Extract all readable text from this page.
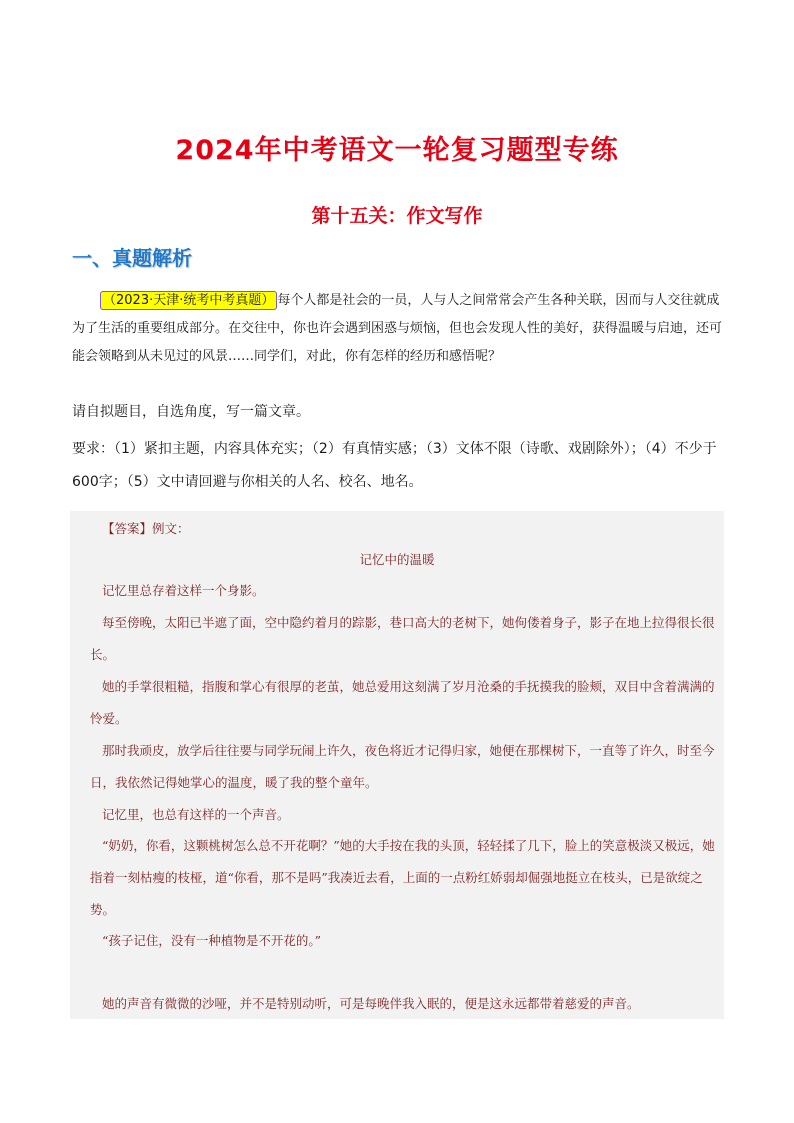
2024年中考语文一轮复习题型专练
第十五关：作文写作
一、真题解析

（2023·天津·统考中考真题） 每个人都是社会的一员，人与人之间常常会产生各种关联，因而与人交往就成为了生活的重要组成部分。在交往中，你也许会遇到困惑与烦恼，但也会发现人性的美好，获得温暖与启迪，还可能会领略到从未见过的风景……同学们，对此，你有怎样的经历和感悟呢？

请自拟题目，自选角度，写一篇文章。

要求：（1）紧扣主题，内容具体充实；（2）有真情实感；（3）文体不限（诗歌、戏剧除外）；（4）不少于600字；（5）文中请回避与你相关的人名、校名、地名。

【答案】例文：

记忆中的温暖

记忆里总存着这样一个身影。

每至傍晚，太阳已半遮了面，空中隐约着月的踪影，巷口高大的老树下，她佝偻着身子，影子在地上拉得很长很长。

她的手掌很粗糙，指腹和掌心有很厚的老茧，她总爱用这刻满了岁月沧桑的手抚摸我的脸颊，双目中含着满满的怜爱。

那时我顽皮，放学后往往要与同学玩闹上许久，夜色将近才记得归家，她便在那棵树下，一直等了许久，时至今日，我依然记得她掌心的温度，暖了我的整个童年。

记忆里，也总有这样的一个声音。

“奶奶，你看，这颗桃树怎么总不开花啊？”她的大手按在我的头顶，轻轻揉了几下，脸上的笑意极淡又极远，她指着一刻枯瘦的枝桠，道“你看，那不是吗”我凑近去看，上面的一点粉红娇弱却倔强地挺立在枝头，已是欲绽之势。

“孩子记住，没有一种植物是不开花的。”

她的声音有微微的沙哑，并不是特别动听，可是每晚伴我入眠的，便是这永远都带着慈爱的声音。
